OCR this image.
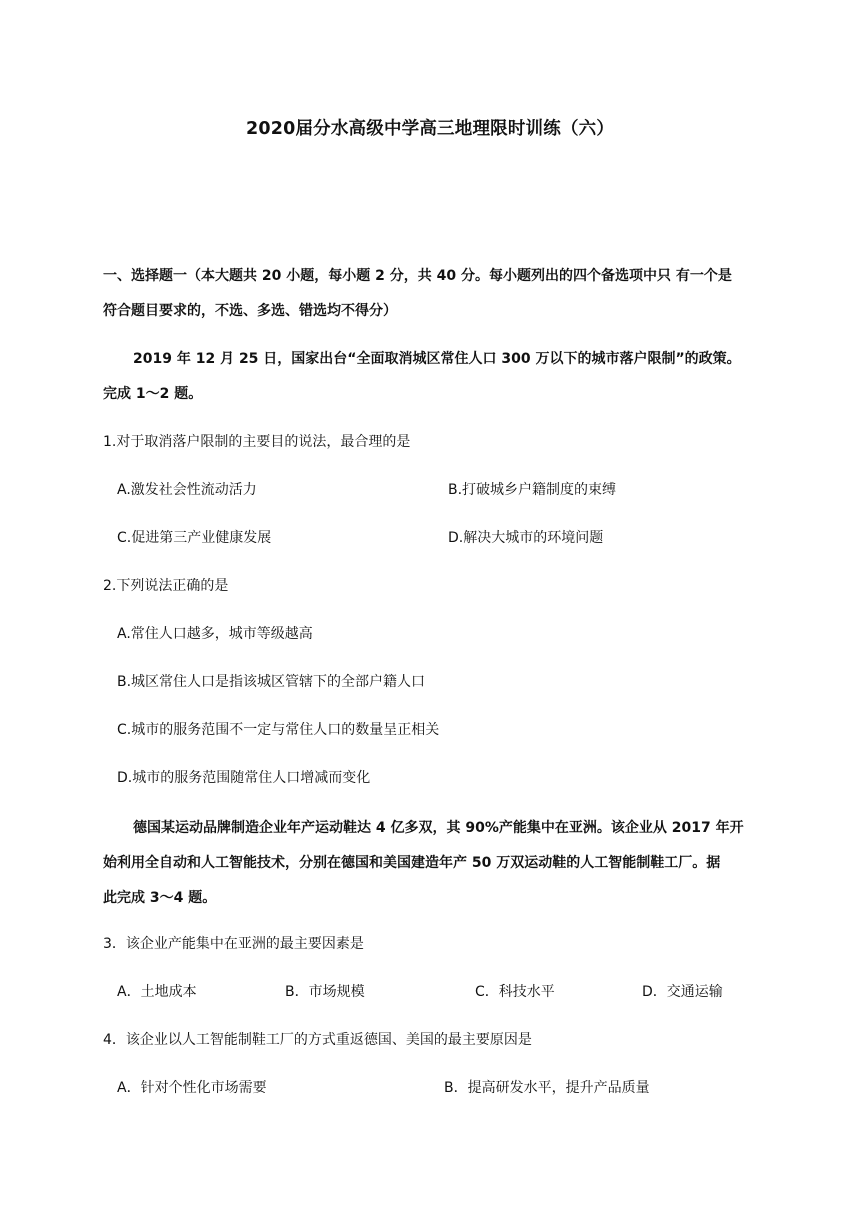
2020届分水高级中学高三地理限时训练（六）
一、选择题一（本大题共 20 小题，每小题 2 分，共 40 分。每小题列出的四个备选项中只 有一个是
符合题目要求的，不选、多选、错选均不得分）
2019 年 12 月 25 日，国家出台“全面取消城区常住人口 300 万以下的城市落户限制”的政策。
完成 1～2 题。
1.对于取消落户限制的主要目的说法，最合理的是
A.激发社会性流动活力	B.打破城乡户籍制度的束缚
C.促进第三产业健康发展	D.解决大城市的环境问题
2.下列说法正确的是
A.常住人口越多，城市等级越高
B.城区常住人口是指该城区管辖下的全部户籍人口
C.城市的服务范围不一定与常住人口的数量呈正相关
D.城市的服务范围随常住人口增减而变化
德国某运动品牌制造企业年产运动鞋达 4 亿多双，其 90%产能集中在亚洲。该企业从 2017 年开
始利用全自动和人工智能技术，分别在德国和美国建造年产 50 万双运动鞋的人工智能制鞋工厂。据
此完成 3～4 题。
3．该企业产能集中在亚洲的最主要因素是
A．土地成本	B．市场规模	C．科技水平	D．交通运输
4．该企业以人工智能制鞋工厂的方式重返德国、美国的最主要原因是
A．针对个性化市场需要	B．提高研发水平，提升产品质量
